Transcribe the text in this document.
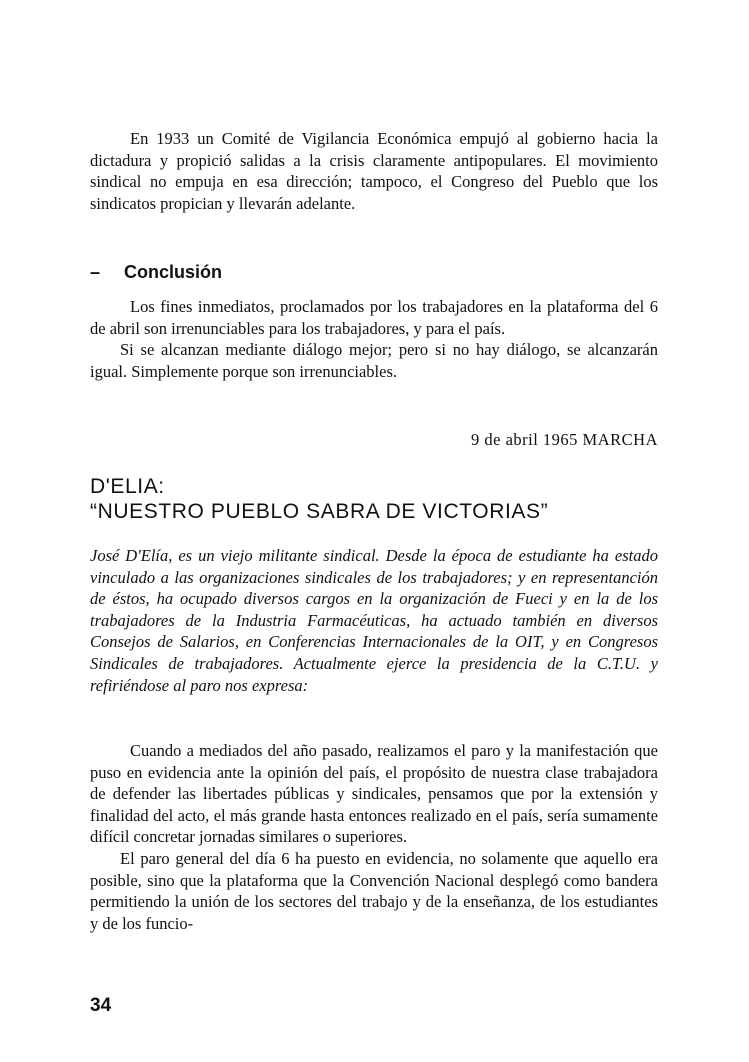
En 1933 un Comité de Vigilancia Económica empujó al gobierno hacia la dictadura y propició salidas a la crisis claramente antipopulares. El movimiento sindical no empuja en esa dirección; tampoco, el Congreso del Pueblo que los sindicatos propician y llevarán adelante.

– Conclusión

Los fines inmediatos, proclamados por los trabajadores en la plataforma del 6 de abril son irrenunciables para los trabajadores, y para el país.

Si se alcanzan mediante diálogo mejor; pero si no hay diálogo, se alcanzarán igual. Simplemente porque son irrenunciables.

9 de abril 1965 MARCHA

D'ELIA:
“NUESTRO PUEBLO SABRA DE VICTORIAS”

José D'Elía, es un viejo militante sindical. Desde la época de estudiante ha estado vinculado a las organizaciones sindicales de los trabajadores; y en representanción de éstos, ha ocupado diversos cargos en la organización de Fueci y en la de los trabajadores de la Industria Farmacéuticas, ha actuado también en diversos Consejos de Salarios, en Conferencias Internacionales de la OIT, y en Congresos Sindicales de trabajadores. Actualmente ejerce la presidencia de la C.T.U. y refiriéndose al paro nos expresa:

Cuando a mediados del año pasado, realizamos el paro y la manifestación que puso en evidencia ante la opinión del país, el propósito de nuestra clase trabajadora de defender las libertades públicas y sindicales, pensamos que por la extensión y finalidad del acto, el más grande hasta entonces realizado en el país, sería sumamente difícil concretar jornadas similares o superiores.

El paro general del día 6 ha puesto en evidencia, no solamente que aquello era posible, sino que la plataforma que la Convención Nacional desplegó como bandera permitiendo la unión de los sectores del trabajo y de la enseñanza, de los estudiantes y de los funcio-

34
